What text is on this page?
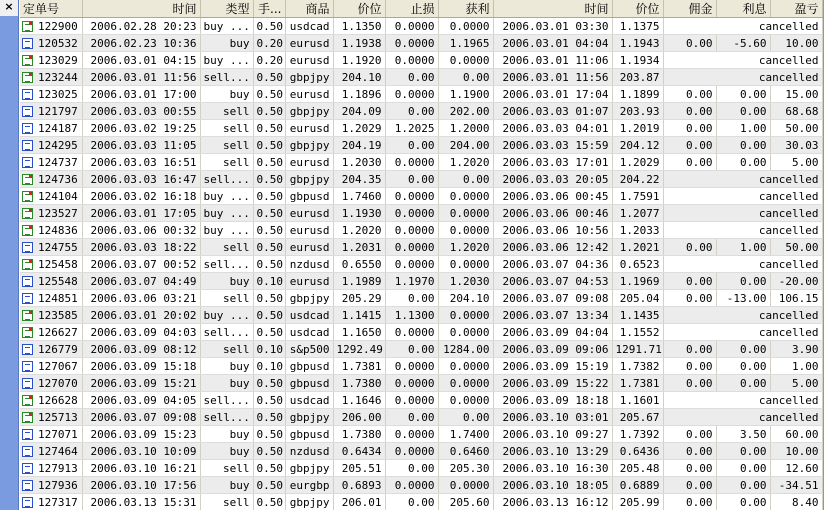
× 定单号	时间	类型	手...	商品	价位	止损	获利	时间	价位	佣金	利息	盈亏
122900	2006.02.28 20:23	buy ...	0.50	usdcad	1.1350	0.0000	0.0000	2006.03.01 03:30	1.1375	cancelled		
120532	2006.02.23 10:36	buy	0.20	eurusd	1.1938	0.0000	1.1965	2006.03.01 04:04	1.1943	0.00	-5.60	10.00
123029	2006.03.01 04:15	buy ...	0.20	eurusd	1.1920	0.0000	0.0000	2006.03.01 11:06	1.1934	cancelled		
123244	2006.03.01 11:56	sell...	0.50	gbpjpy	204.10	0.00	0.00	2006.03.01 11:56	203.87	cancelled		
123025	2006.03.01 17:00	buy	0.50	eurusd	1.1896	0.0000	1.1900	2006.03.01 17:04	1.1899	0.00	0.00	15.00
121797	2006.03.03 00:55	sell	0.50	gbpjpy	204.09	0.00	202.00	2006.03.03 01:07	203.93	0.00	0.00	68.68
124187	2006.03.02 19:25	sell	0.50	eurusd	1.2029	1.2025	1.2000	2006.03.03 04:01	1.2019	0.00	1.00	50.00
124295	2006.03.03 11:05	sell	0.50	gbpjpy	204.19	0.00	204.00	2006.03.03 15:59	204.12	0.00	0.00	30.03
124737	2006.03.03 16:51	sell	0.50	eurusd	1.2030	0.0000	1.2020	2006.03.03 17:01	1.2029	0.00	0.00	5.00
124736	2006.03.03 16:47	sell...	0.50	gbpjpy	204.35	0.00	0.00	2006.03.03 20:05	204.22	cancelled		
124104	2006.03.02 16:18	buy ...	0.50	gbpusd	1.7460	0.0000	0.0000	2006.03.06 00:45	1.7591	cancelled		
123527	2006.03.01 17:05	buy ...	0.50	eurusd	1.1930	0.0000	0.0000	2006.03.06 00:46	1.2077	cancelled		
124836	2006.03.06 00:32	buy ...	0.50	eurusd	1.2020	0.0000	0.0000	2006.03.06 10:56	1.2033	cancelled		
124755	2006.03.03 18:22	sell	0.50	eurusd	1.2031	0.0000	1.2020	2006.03.06 12:42	1.2021	0.00	1.00	50.00
125458	2006.03.07 00:52	sell...	0.50	nzdusd	0.6550	0.0000	0.0000	2006.03.07 04:36	0.6523	cancelled		
125548	2006.03.07 04:49	buy	0.10	eurusd	1.1989	1.1970	1.2030	2006.03.07 04:53	1.1969	0.00	0.00	-20.00
124851	2006.03.06 03:21	sell	0.50	gbpjpy	205.29	0.00	204.10	2006.03.07 09:08	205.04	0.00	-13.00	106.15
123585	2006.03.01 20:02	buy ...	0.50	usdcad	1.1415	1.1300	0.0000	2006.03.07 13:34	1.1435	cancelled		
126627	2006.03.09 04:03	sell...	0.50	usdcad	1.1650	0.0000	0.0000	2006.03.09 04:04	1.1552	cancelled		
126779	2006.03.09 08:12	sell	0.10	s&p500	1292.49	0.00	1284.00	2006.03.09 09:06	1291.71	0.00	0.00	3.90
127067	2006.03.09 15:18	buy	0.10	gbpusd	1.7381	0.0000	0.0000	2006.03.09 15:19	1.7382	0.00	0.00	1.00
127070	2006.03.09 15:21	buy	0.50	gbpusd	1.7380	0.0000	0.0000	2006.03.09 15:22	1.7381	0.00	0.00	5.00
126628	2006.03.09 04:05	sell...	0.50	usdcad	1.1646	0.0000	0.0000	2006.03.09 18:18	1.1601	cancelled		
125713	2006.03.07 09:08	sell...	0.50	gbpjpy	206.00	0.00	0.00	2006.03.10 03:01	205.67	cancelled		
127071	2006.03.09 15:23	buy	0.50	gbpusd	1.7380	0.0000	1.7400	2006.03.10 09:27	1.7392	0.00	3.50	60.00
127464	2006.03.10 10:09	buy	0.50	nzdusd	0.6434	0.0000	0.6460	2006.03.10 13:29	0.6436	0.00	0.00	10.00
127913	2006.03.10 16:21	sell	0.50	gbpjpy	205.51	0.00	205.30	2006.03.10 16:30	205.48	0.00	0.00	12.60
127936	2006.03.10 17:56	buy	0.50	eurgbp	0.6893	0.0000	0.0000	2006.03.10 18:05	0.6889	0.00	0.00	-34.51
127317	2006.03.13 15:31	sell	0.50	gbpjpy	206.01	0.00	205.60	2006.03.13 16:12	205.99	0.00	0.00	8.40
